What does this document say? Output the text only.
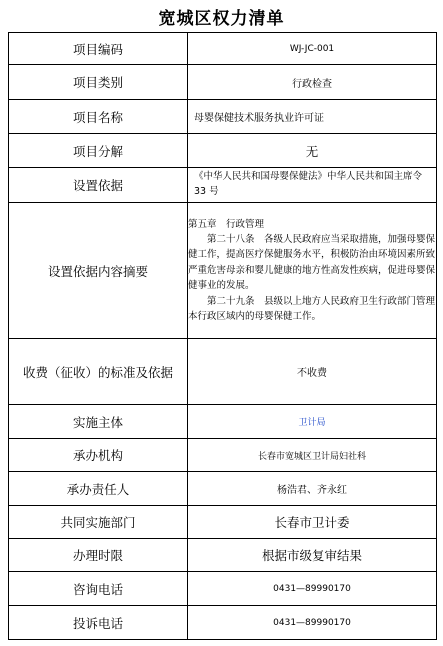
宽城区权力清单
项目编码	WJ-JC-001
项目类别	行政检查
项目名称	母婴保健技术服务执业许可证
项目分解	无
设置依据	《中华人民共和国母婴保健法》中华人民共和国主席令 33 号
设置依据内容摘要	第五章　行政管理

第二十八条　各级人民政府应当采取措施，加强母婴保健工作，提高医疗保健服务水平，积极防治由环境因素所致严重危害母亲和婴儿健康的地方性高发性疾病，促进母婴保健事业的发展。

第二十九条　县级以上地方人民政府卫生行政部门管理本行政区域内的母婴保健工作。

收费（征收）的标准及依据	不收费
实施主体	卫计局
承办机构	长春市宽城区卫计局妇社科
承办责任人	杨浩君、齐永红
共同实施部门	长春市卫计委
办理时限	根据市级复审结果
咨询电话	0431—89990170
投诉电话	0431—89990170
